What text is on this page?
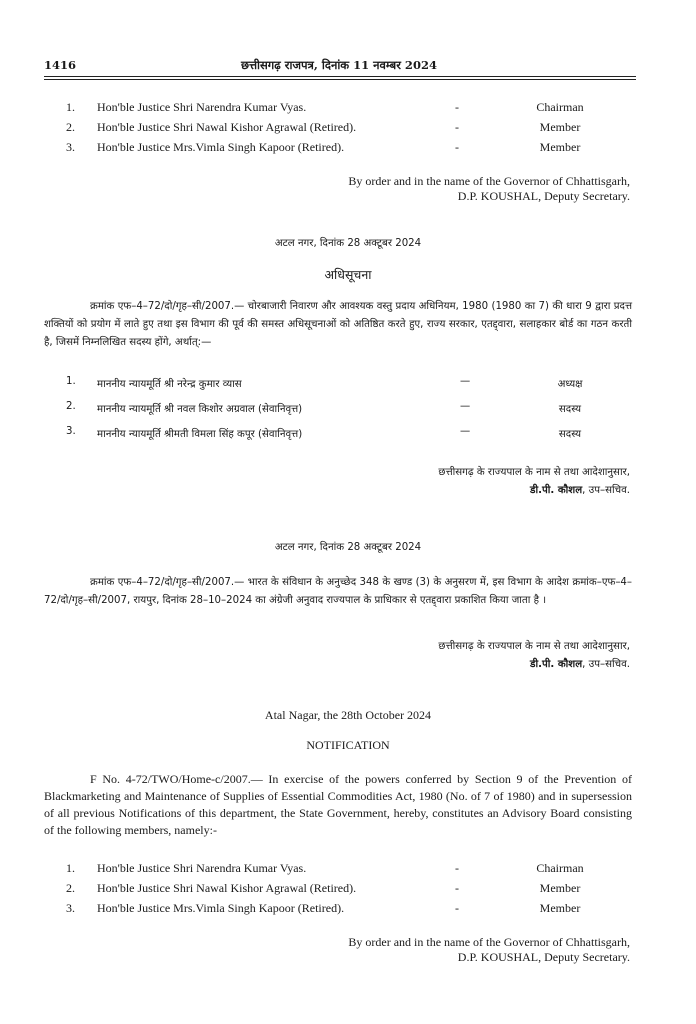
1416	छत्तीसगढ़ राजपत्र, दिनांक 11 नवम्बर 2024
1. Hon'ble Justice Shri Narendra Kumar Vyas.	-	Chairman
2. Hon'ble Justice Shri Nawal Kishor Agrawal (Retired).	-	Member
3. Hon'ble Justice Mrs.Vimla Singh Kapoor (Retired).	-	Member
By order and in the name of the Governor of Chhattisgarh,
D.P. KOUSHAL, Deputy Secretary.
अटल नगर, दिनांक 28 अक्टूबर 2024
अधिसूचना
क्रमांक एफ–4–72/दो/गृह–सी/2007.— चोरबाजारी निवारण और आवश्यक वस्तु प्रदाय अधिनियम, 1980 (1980 का 7) की धारा 9 द्वारा प्रदत्त शक्तियों को प्रयोग में लाते हुए तथा इस विभाग की पूर्व की समस्त अधिसूचनाओं को अतिष्ठित करते हुए, राज्य सरकार, एतद्द्वारा, सलाहकार बोर्ड का गठन करती है, जिसमें निम्नलिखित सदस्य होंगे, अर्थात्:—
1. माननीय न्यायमूर्ति श्री नरेन्द्र कुमार व्यास	—	अध्यक्ष
2. माननीय न्यायमूर्ति श्री नवल किशोर अग्रवाल (सेवानिवृत्त)	—	सदस्य
3. माननीय न्यायमूर्ति श्रीमती विमला सिंह कपूर (सेवानिवृत्त)	—	सदस्य
छत्तीसगढ़ के राज्यपाल के नाम से तथा आदेशानुसार,
डी.पी. कौशल, उप–सचिव.
अटल नगर, दिनांक 28 अक्टूबर 2024
क्रमांक एफ–4–72/दो/गृह–सी/2007.— भारत के संविधान के अनुच्छेद 348 के खण्ड (3) के अनुसरण में, इस विभाग के आदेश क्रमांक–एफ–4–72/दो/गृह–सी/2007, रायपुर, दिनांक 28–10–2024 का अंग्रेजी अनुवाद राज्यपाल के प्राधिकार से एतद्द्वारा प्रकाशित किया जाता है ।
छत्तीसगढ़ के राज्यपाल के नाम से तथा आदेशानुसार,
डी.पी. कौशल, उप–सचिव.
Atal Nagar, the 28th October 2024
NOTIFICATION
F No. 4-72/TWO/Home-c/2007.— In exercise of the powers conferred by Section 9 of the Prevention of Blackmarketing and Maintenance of Supplies of Essential Commodities Act, 1980 (No. of 7 of 1980) and in supersession of all previous Notifications of this department, the State Government, hereby, constitutes an Advisory Board consisting of the following members, namely:-
1. Hon'ble Justice Shri Narendra Kumar Vyas.	-	Chairman
2. Hon'ble Justice Shri Nawal Kishor Agrawal (Retired).	-	Member
3. Hon'ble Justice Mrs.Vimla Singh Kapoor (Retired).	-	Member
By order and in the name of the Governor of Chhattisgarh,
D.P. KOUSHAL, Deputy Secretary.
